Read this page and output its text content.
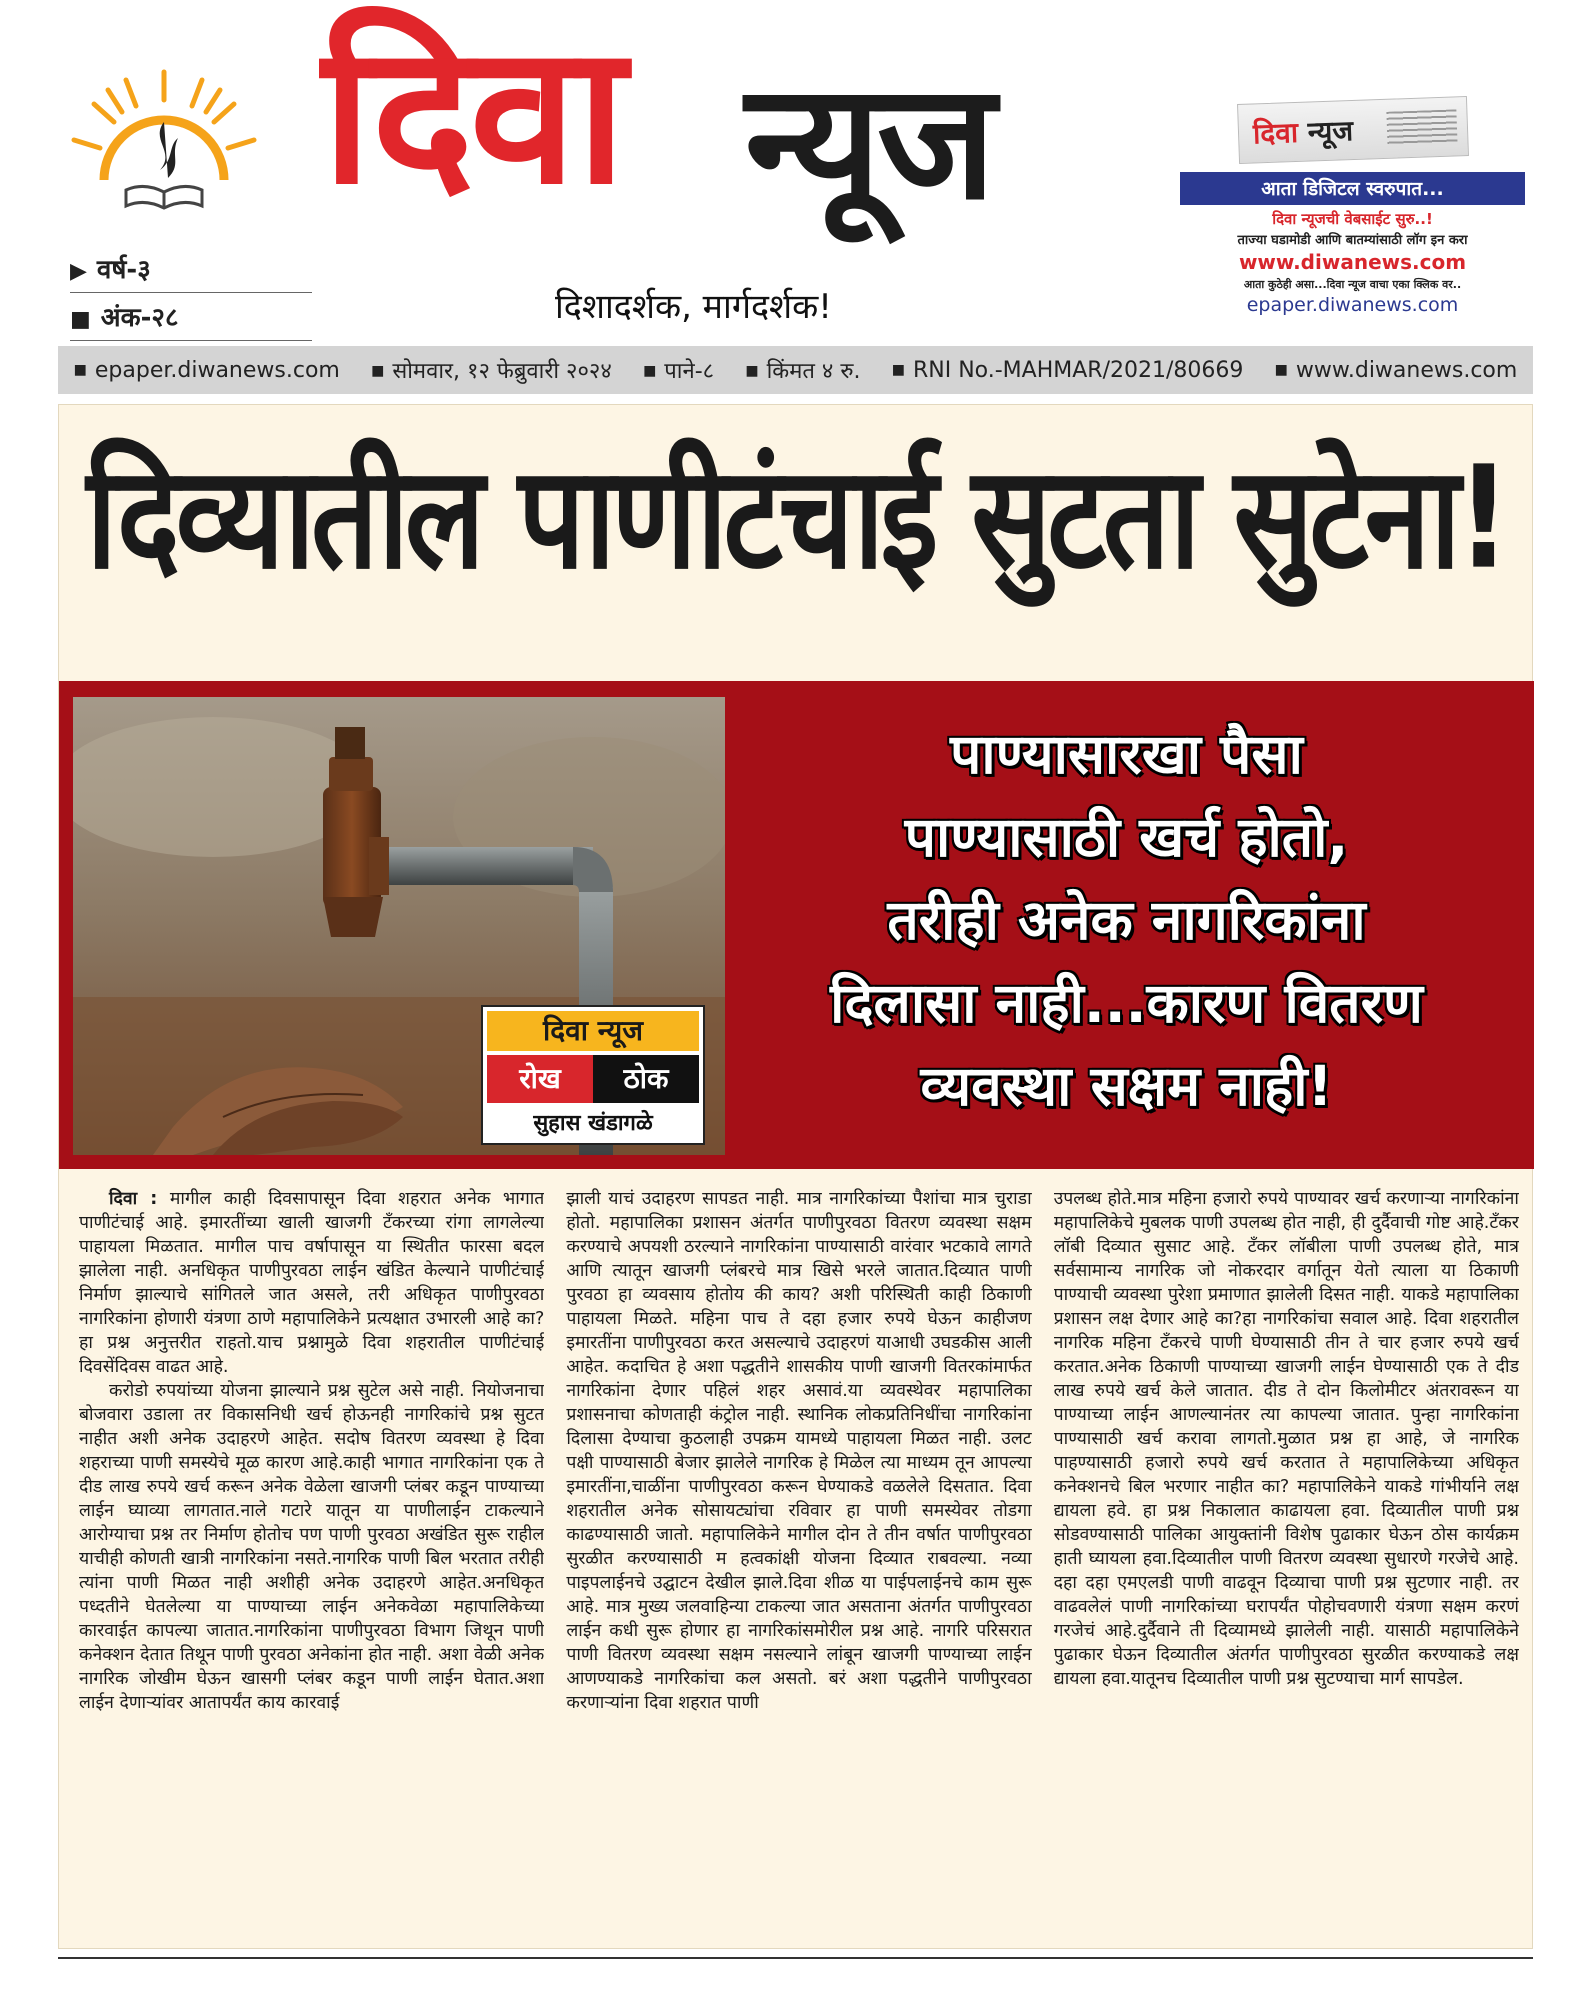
▶ वर्ष-३
■ अंक-२८
दिवा न्यूज
दिशादर्शक, मार्गदर्शक!
दिवा न्यूज
आता डिजिटल स्वरुपात...
दिवा न्यूजची वेबसाईट सुरु..!
ताज्या घडामोडी आणि बातम्यांसाठी लॉग इन करा
www.diwanews.com
आता कुठेही असा...दिवा न्यूज वाचा एका क्लिक वर..
epaper.diwanews.com
■ epaper.diwanews.com	■ सोमवार, १२ फेब्रुवारी २०२४	■ पाने-८	■ किंमत ४ रु.	■ RNI No.-MAHMAR/2021/80669	■ www.diwanews.com
दिव्यातील पाणीटंचाई सुटता सुटेना!
दिवा न्यूज
रोख	ठोक
सुहास खंडागळे
पाण्यासारखा पैसा
पाण्यासाठी खर्च होतो,
तरीही अनेक नागरिकांना
दिलासा नाही...कारण वितरण
व्यवस्था सक्षम नाही!

दिवा : मागील काही दिवसापासून दिवा शहरात अनेक भागात पाणीटंचाई आहे. इमारतींच्या खाली खाजगी टँकरच्या रांगा लागलेल्या पाहायला मिळतात. मागील पाच वर्षापासून या स्थितीत फारसा बदल झालेला नाही. अनधिकृत पाणीपुरवठा लाईन खंडित केल्याने पाणीटंचाई निर्माण झाल्याचे सांगितले जात असले, तरी अधिकृत पाणीपुरवठा नागरिकांना होणारी यंत्रणा ठाणे महापालिकेने प्रत्यक्षात उभारली आहे का? हा प्रश्न अनुत्तरीत राहतो.याच प्रश्नामुळे दिवा शहरातील पाणीटंचाई दिवसेंदिवस वाढत आहे.

करोडो रुपयांच्या योजना झाल्याने प्रश्न सुटेल असे नाही. नियोजनाचा बोजवारा उडाला तर विकासनिधी खर्च होऊनही नागरिकांचे प्रश्न सुटत नाहीत अशी अनेक उदाहरणे आहेत. सदोष वितरण व्यवस्था हे दिवा शहराच्या पाणी समस्येचे मूळ कारण आहे.काही भागात नागरिकांना एक ते दीड लाख रुपये खर्च करून अनेक वेळेला खाजगी प्लंबर कडून पाण्याच्या लाईन घ्याव्या लागतात.नाले गटारे यातून या पाणीलाईन टाकल्याने आरोग्याचा प्रश्न तर निर्माण होतोच पण पाणी पुरवठा अखंडित सुरू राहील याचीही कोणती खात्री नागरिकांना नसते.नागरिक पाणी बिल भरतात तरीही त्यांना पाणी मिळत नाही अशीही अनेक उदाहरणे आहेत.अनधिकृत पध्दतीने घेतलेल्या या पाण्याच्या लाईन अनेकवेळा महापालिकेच्या कारवाईत कापल्या जातात.नागरिकांना पाणीपुरवठा विभाग जिथून पाणी कनेक्शन देतात तिथून पाणी पुरवठा अनेकांना होत नाही. अशा वेळी अनेक नागरिक जोखीम घेऊन खासगी प्लंबर कडून पाणी लाईन घेतात.अशा लाईन देणाऱ्यांवर आतापर्यंत काय कारवाई

झाली याचं उदाहरण सापडत नाही. मात्र नागरिकांच्या पैशांचा मात्र चुराडा होतो. महापालिका प्रशासन अंतर्गत पाणीपुरवठा वितरण व्यवस्था सक्षम करण्याचे अपयशी ठरल्याने नागरिकांना पाण्यासाठी वारंवार भटकावे लागते आणि त्यातून खाजगी प्लंबरचे मात्र खिसे भरले जातात.दिव्यात पाणी पुरवठा हा व्यवसाय होतोय की काय? अशी परिस्थिती काही ठिकाणी पाहायला मिळते. महिना पाच ते दहा हजार रुपये घेऊन काहीजण इमारतींना पाणीपुरवठा करत असल्याचे उदाहरणं याआधी उघडकीस आली आहेत. कदाचित हे अशा पद्धतीने शासकीय पाणी खाजगी वितरकांमार्फत नागरिकांना देणार पहिलं शहर असावं.या व्यवस्थेवर महापालिका प्रशासनाचा कोणताही कंट्रोल नाही. स्थानिक लोकप्रतिनिधींचा नागरिकांना दिलासा देण्याचा कुठलाही उपक्रम यामध्ये पाहायला मिळत नाही. उलट पक्षी पाण्यासाठी बेजार झालेले नागरिक हे मिळेल त्या माध्यम तून आपल्या इमारतींना,चाळींना पाणीपुरवठा करून घेण्याकडे वळलेले दिसतात. दिवा शहरातील अनेक सोसायट्यांचा रविवार हा पाणी समस्येवर तोडगा काढण्यासाठी जातो. महापालिकेने मागील दोन ते तीन वर्षात पाणीपुरवठा सुरळीत करण्यासाठी म हत्वकांक्षी योजना दिव्यात राबवल्या. नव्या पाइपलाईनचे उद्घाटन देखील झाले.दिवा शीळ या पाईपलाईनचे काम सुरू आहे. मात्र मुख्य जलवाहिन्या टाकल्या जात असताना अंतर्गत पाणीपुरवठा लाईन कधी सुरू होणार हा नागरिकांसमोरील प्रश्न आहे. नागरि परिसरात पाणी वितरण व्यवस्था सक्षम नसल्याने लांबून खाजगी पाण्याच्या लाईन आणण्याकडे नागरिकांचा कल असतो. बरं अशा पद्धतीने पाणीपुरवठा करणाऱ्यांना दिवा शहरात पाणी

उपलब्ध होते.मात्र महिना हजारो रुपये पाण्यावर खर्च करणाऱ्या नागरिकांना महापालिकेचे मुबलक पाणी उपलब्ध होत नाही, ही दुर्दैवाची गोष्ट आहे.टँकर लॉबी दिव्यात सुसाट आहे. टँकर लॉबीला पाणी उपलब्ध होते, मात्र सर्वसामान्य नागरिक जो नोकरदार वर्गातून येतो त्याला या ठिकाणी पाण्याची व्यवस्था पुरेशा प्रमाणात झालेली दिसत नाही. याकडे महापालिका प्रशासन लक्ष देणार आहे का?हा नागरिकांचा सवाल आहे. दिवा शहरातील नागरिक महिना टँकरचे पाणी घेण्यासाठी तीन ते चार हजार रुपये खर्च करतात.अनेक ठिकाणी पाण्याच्या खाजगी लाईन घेण्यासाठी एक ते दीड लाख रुपये खर्च केले जातात. दीड ते दोन किलोमीटर अंतरावरून या पाण्याच्या लाईन आणल्यानंतर त्या कापल्या जातात. पुन्हा नागरिकांना पाण्यासाठी खर्च करावा लागतो.मुळात प्रश्न हा आहे, जे नागरिक पाहण्यासाठी हजारो रुपये खर्च करतात ते महापालिकेच्या अधिकृत कनेक्शनचे बिल भरणार नाहीत का? महापालिकेने याकडे गांभीर्याने लक्ष द्यायला हवे. हा प्रश्न निकालात काढायला हवा. दिव्यातील पाणी प्रश्न सोडवण्यासाठी पालिका आयुक्तांनी विशेष पुढाकार घेऊन ठोस कार्यक्रम हाती घ्यायला हवा.दिव्यातील पाणी वितरण व्यवस्था सुधारणे गरजेचे आहे. दहा दहा एमएलडी पाणी वाढवून दिव्याचा पाणी प्रश्न सुटणार नाही. तर वाढवलेलं पाणी नागरिकांच्या घरापर्यंत पोहोचवणारी यंत्रणा सक्षम करणं गरजेचं आहे.दुर्दैवाने ती दिव्यामध्ये झालेली नाही. यासाठी महापालिकेने पुढाकार घेऊन दिव्यातील अंतर्गत पाणीपुरवठा सुरळीत करण्याकडे लक्ष द्यायला हवा.यातूनच दिव्यातील पाणी प्रश्न सुटण्याचा मार्ग सापडेल.
